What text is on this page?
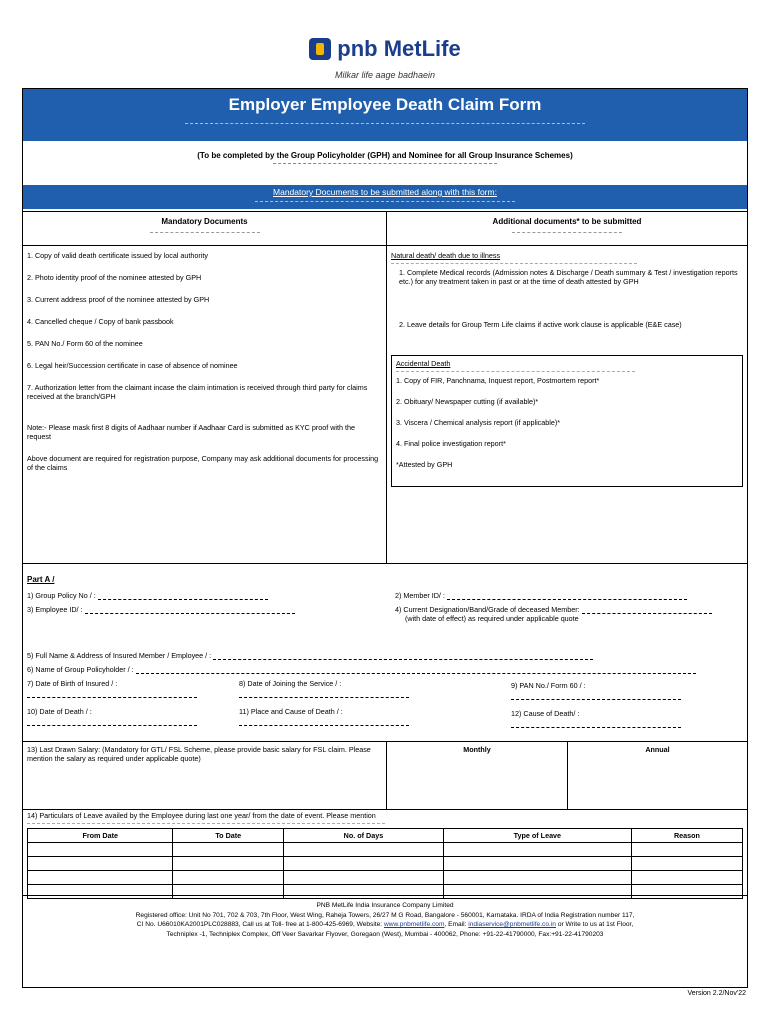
pnb MetLife
Milkar life aage badhaein
Employer Employee Death Claim Form
(To be completed by the Group Policyholder (GPH) and Nominee for all Group Insurance Schemes)
Mandatory Documents to be submitted along with this form:
Mandatory Documents	Additional documents* to be submitted
1. Copy of valid death certificate issued by local authority
2. Photo identity proof of the nominee attested by GPH
3. Current address proof of the nominee attested by GPH
4. Cancelled cheque / Copy of bank passbook
5. PAN No./ Form 60 of the nominee
6. Legal heir/Succession certificate in case of absence of nominee
7. Authorization letter from the claimant incase the claim intimation is received through third party for claims received at the branch/GPH
Note:- Please mask first 8 digits of Aadhaar number if Aadhaar Card is submitted as KYC proof with the request
Above document are required for registration purpose, Company may ask additional documents for processing of the claims
Natural death/ death due to illness
1. Complete Medical records (Admission notes & Discharge / Death summary & Test / investigation reports etc.) for any treatment taken in past or at the time of death attested by GPH
2. Leave details for Group Term Life claims if active work clause is applicable (E&E case)
Accidental Death
1. Copy of FIR, Panchnama, Inquest report, Postmortem report*
2. Obituary/ Newspaper cutting (if available)*
3. Viscera / Chemical analysis report (if applicable)*
4. Final police investigation report*
*Attested by GPH
Part A /
1) Group Policy No / :	2) Member ID/ :
3) Employee ID/ :	4) Current Designation/Band/Grade of deceased Member:
(with date of effect) as required under applicable quote
5) Full Name & Address of Insured Member / Employee / :
6) Name of Group Policyholder / :
7) Date of Birth of Insured / :	8) Date of Joining the Service / :	9) PAN No./ Form 60 / :

10) Date of Death / :	11) Place and Cause of Death / :	12) Cause of Death/ :

13) Last Drawn Salary: (Mandatory for GTL/ FSL Scheme, please provide basic salary for FSL claim. Please mention the salary as required under applicable quote)
Monthly	Annual
14) Particulars of Leave availed by the Employee during last one year/ from the date of event. Please mention
From Date	To Date	No. of Days	Type of Leave	Reason

PNB MetLife India Insurance Company Limited
Registered office: Unit No 701, 702 & 703, 7th Floor, West Wing, Raheja Towers, 26/27 M G Road, Bangalore - 560001, Karnataka. IRDA of India Registration number 117,
CI No. U66010KA2001PLC028883, Call us at Toll- free at 1-800-425-6969, Website: www.pnbmetlife.com, Email: indiaservice@pnbmetlife.co.in or Write to us at 1st Floor,
Techniplex -1, Techniplex Complex, Off Veer Savarkar Flyover, Goregaon (West), Mumbai - 400062, Phone: +91-22-41790000, Fax:+91-22-41790203
Version 2.2/Nov'22
